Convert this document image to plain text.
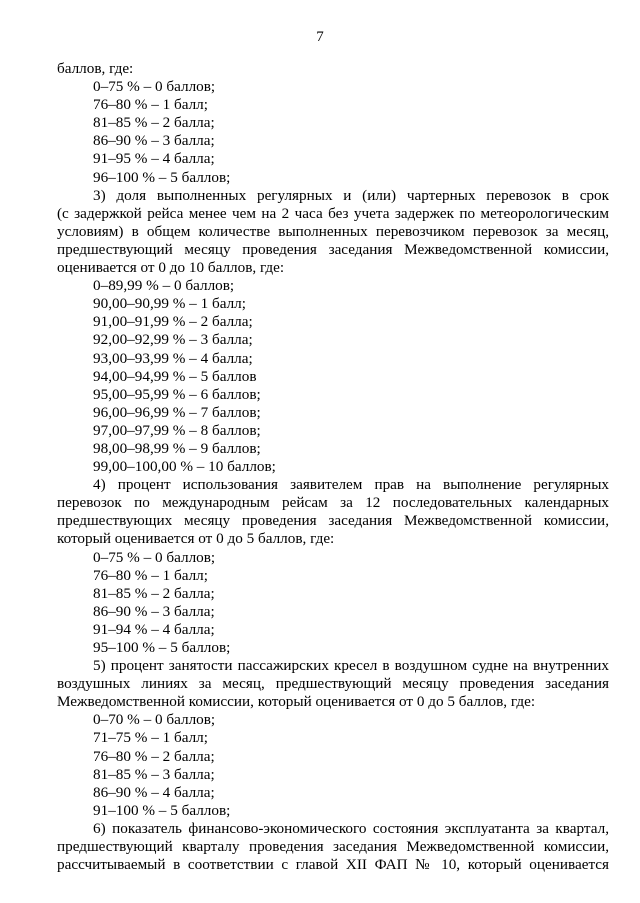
7
баллов, где:
0–75 % – 0 баллов;
76–80 % – 1 балл;
81–85 % – 2 балла;
86–90 % – 3 балла;
91–95 % – 4 балла;
96–100 % – 5 баллов;
3) доля выполненных регулярных и (или) чартерных перевозок в срок
(с задержкой рейса менее чем на 2 часа без учета задержек по метеорологическим
условиям) в общем количестве выполненных перевозчиком перевозок за месяц,
предшествующий месяцу проведения заседания Межведомственной комиссии,
оценивается от 0 до 10 баллов, где:
0–89,99 % – 0 баллов;
90,00–90,99 % – 1 балл;
91,00–91,99 % – 2 балла;
92,00–92,99 % – 3 балла;
93,00–93,99 % – 4 балла;
94,00–94,99 % – 5 баллов
95,00–95,99 % – 6 баллов;
96,00–96,99 % – 7 баллов;
97,00–97,99 % – 8 баллов;
98,00–98,99 % – 9 баллов;
99,00–100,00 % – 10 баллов;
4) процент использования заявителем прав на выполнение регулярных
перевозок по международным рейсам за 12 последовательных календарных
предшествующих месяцу проведения заседания Межведомственной комиссии,
который оценивается от 0 до 5 баллов, где:
0–75 % – 0 баллов;
76–80 % – 1 балл;
81–85 % – 2 балла;
86–90 % – 3 балла;
91–94 % – 4 балла;
95–100 % – 5 баллов;
5) процент занятости пассажирских кресел в воздушном судне на внутренних
воздушных линиях за месяц, предшествующий месяцу проведения заседания
Межведомственной комиссии, который оценивается от 0 до 5 баллов, где:
0–70 % – 0 баллов;
71–75 % – 1 балл;
76–80 % – 2 балла;
81–85 % – 3 балла;
86–90 % – 4 балла;
91–100 % – 5 баллов;
6) показатель финансово-экономического состояния эксплуатанта за квартал,
предшествующий кварталу проведения заседания Межведомственной комиссии,
рассчитываемый в соответствии с главой XII ФАП № 10, который оценивается
